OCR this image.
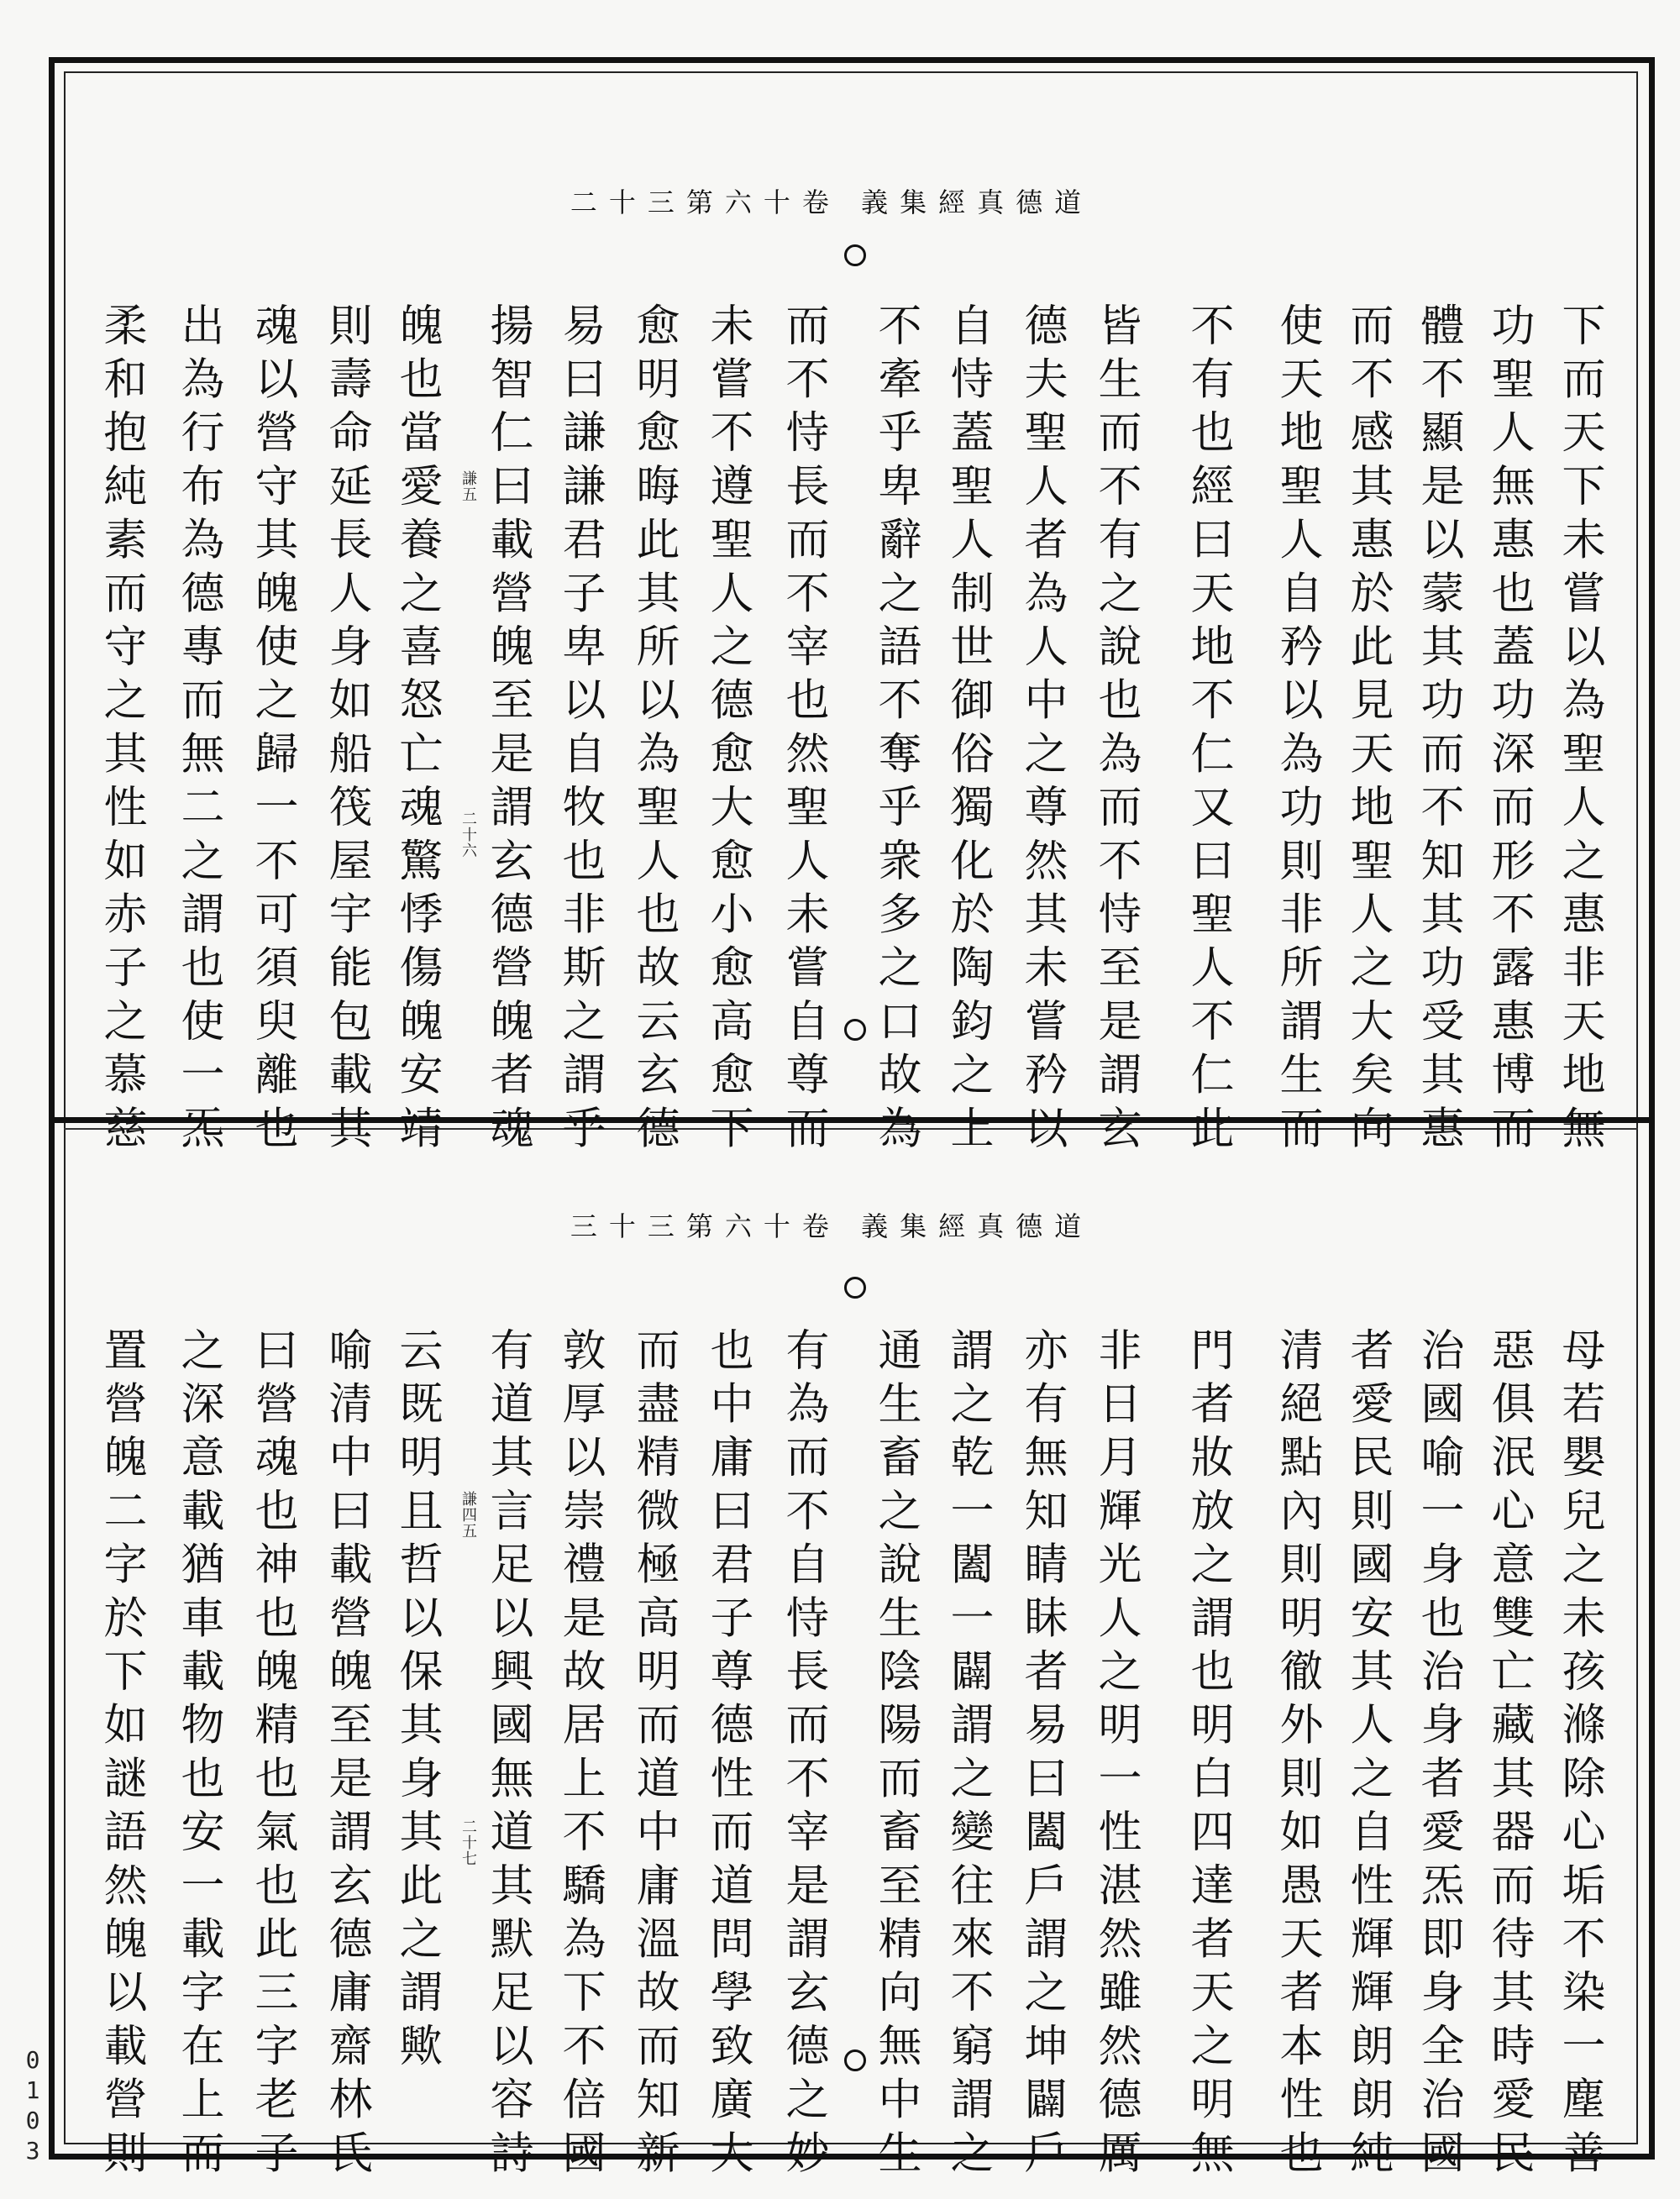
道德真經集義 卷十六第三十二
下而天下未嘗以為聖人之惠非天地無
功聖人無惠也蓋功深而形不露惠博而
體不顯是以蒙其功而不知其功受其惠
而不感其惠於此見天地聖人之大矣向
使天地聖人自矜以為功則非所謂生而
不有也經曰天地不仁又曰聖人不仁此
皆生而不有之說也為而不恃至是謂玄
德夫聖人者為人中之尊然其未嘗矜以
自恃蓋聖人制世御俗獨化於陶鈞之上
不牽乎卑辭之語不奪乎衆多之口故為
而不恃長而不宰也然聖人未嘗自尊而
未嘗不遵聖人之德愈大愈小愈高愈下
愈明愈晦此其所以為聖人也故云玄德
易曰謙謙君子卑以自牧也非斯之謂乎
揚智仁曰載營魄至是謂玄德營魄者魂
魄也當愛養之喜怒亡魂驚悸傷魄安靖
則壽命延長人身如船筏屋宇能包載其
魂以營守其魄使之歸一不可須臾離也
出為行布為德專而無二之謂也使一炁
柔和抱純素而守之其性如赤子之慕慈	二十六
謙五
道德真經集義 卷十六第三十三
母若嬰兒之未孩滌除心垢不染一塵善
惡俱泯心意雙亡藏其器而待其時愛民
治國喻一身也治身者愛炁即身全治國
者愛民則國安其人之自性輝輝朗朗純
清絕點內則明徹外則如愚天者本性也
門者妝放之謂也明白四達者天之明無
非日月輝光人之明一性湛然雖然德厲
亦有無知睛眛者易曰闔戶謂之坤闢戶
謂之乾一闔一闢謂之變往來不窮謂之
通生畜之說生陰陽而畜至精向無中生
有為而不自恃長而不宰是謂玄德之妙
也中庸曰君子尊德性而道問學致廣大
而盡精微極高明而道中庸溫故而知新
敦厚以崇禮是故居上不驕為下不倍國
有道其言足以興國無道其默足以容詩
云既明且哲以保其身其此之謂歟
喻清中曰載營魄至是謂玄德庸齋林氏
曰營魂也神也魄精也氣也此三字老子
之深意載猶車載物也安一載字在上而
置營魄二字於下如謎語然魄以載營則	二十七
謙四五
0103
